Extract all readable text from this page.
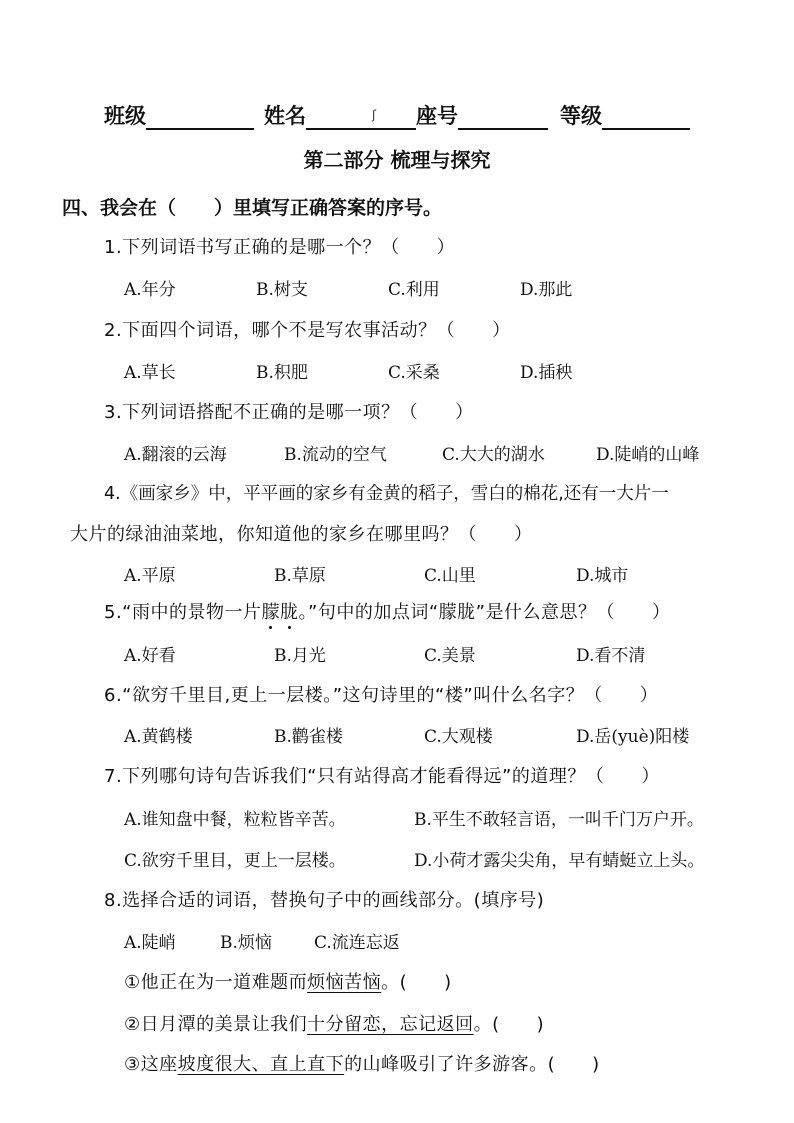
班级	姓名	ʃ 座号	等级
第二部分 梳理与探究
四、我会在（　　）里填写正确答案的序号。
1.下列词语书写正确的是哪一个？（　　）
A.年分	B.树支	C.利用	D.那此
2.下面四个词语，哪个不是写农事活动？（　　）
A.草长	B.积肥	C.采桑	D.插秧
3.下列词语搭配不正确的是哪一项？（　　）
A.翻滚的云海	B.流动的空气	C.大大的湖水	D.陡峭的山峰
4.《画家乡》中，平平画的家乡有金黄的稻子，雪白的棉花,还有一大片一
大片的绿油油菜地，你知道他的家乡在哪里吗？（　　）
A.平原	B.草原	C.山里	D.城市
5.“雨中的景物一片朦胧。”句中的加点词“朦胧”是什么意思？（　　）
A.好看	B.月光	C.美景	D.看不清
6.“欲穷千里目,更上一层楼。”这句诗里的“楼”叫什么名字？（　　）
A.黄鹤楼	B.鹳雀楼	C.大观楼	D.岳(yuè)阳楼
7.下列哪句诗句告诉我们“只有站得高才能看得远”的道理？（　　）
A.谁知盘中餐，粒粒皆辛苦。	B.平生不敢轻言语，一叫千门万户开。
C.欲穷千里目，更上一层楼。	D.小荷才露尖尖角，早有蜻蜓立上头。
8.选择合适的词语，替换句子中的画线部分。(填序号)
A.陡峭	B.烦恼 C.流连忘返
①他正在为一道难题而烦恼苦恼。(　　)
②日月潭的美景让我们十分留恋，忘记返回。(　　)
③这座坡度很大、直上直下的山峰吸引了许多游客。(　　)
